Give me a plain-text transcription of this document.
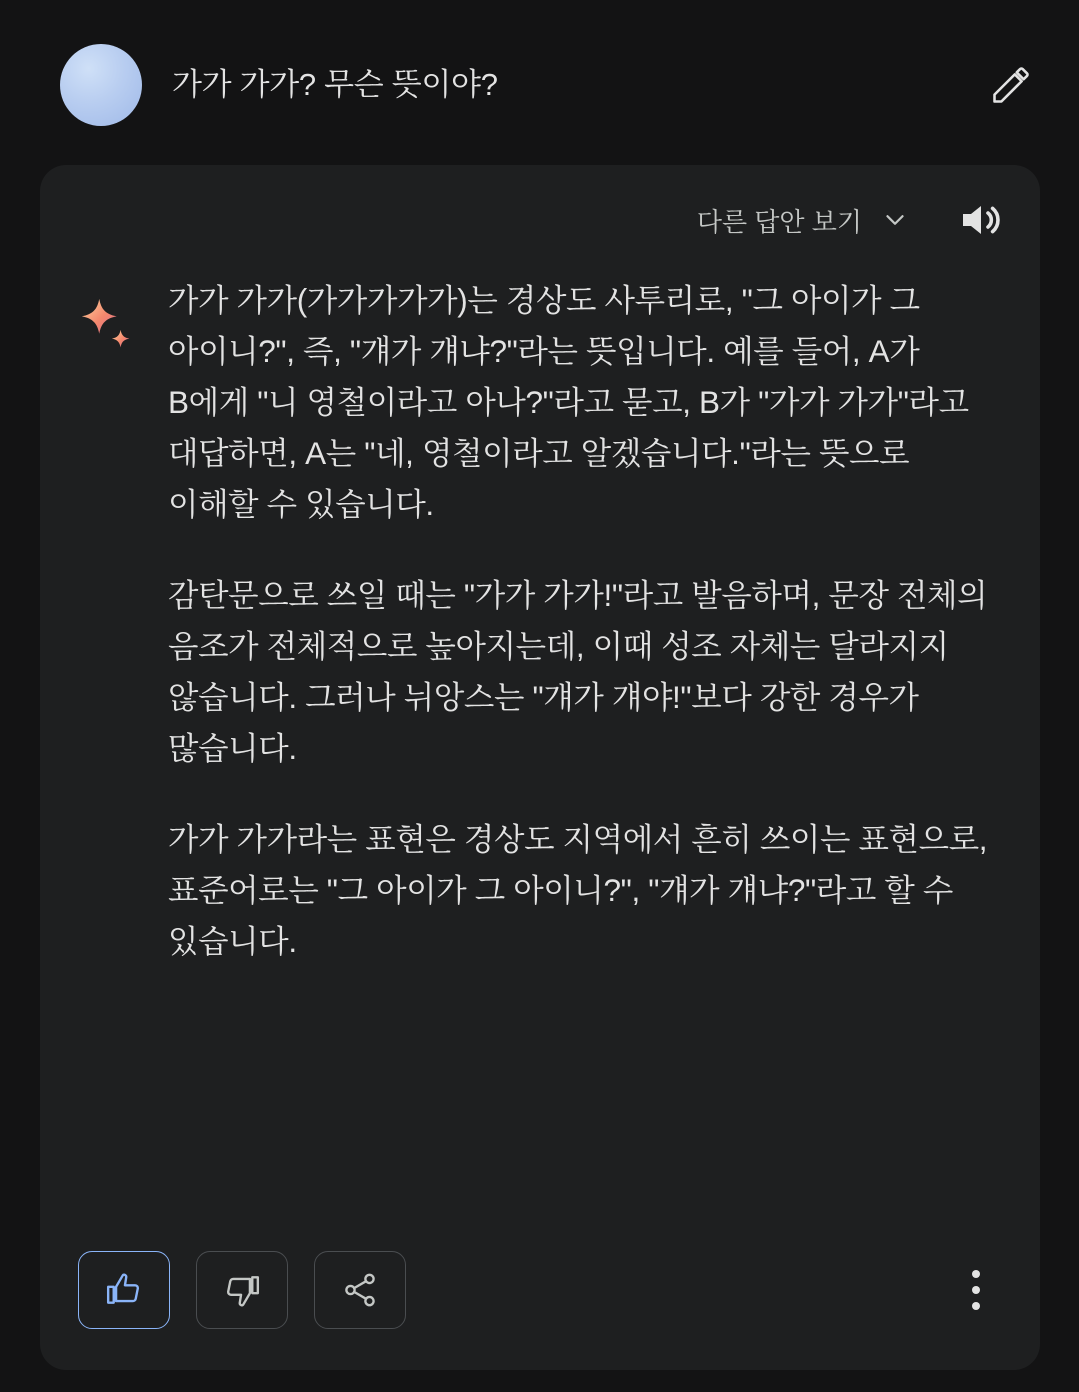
가가 가가? 무슨 뜻이야?
다른 답안 보기

가가 가가(가가가가가)는 경상도 사투리로, "그 아이가 그 아이니?", 즉, "걔가 걔냐?"라는 뜻입니다. 예를 들어, A가 B에게 "니 영철이라고 아나?"라고 묻고, B가 "가가 가가"라고 대답하면, A는 "네, 영철이라고 알겠습니다."라는 뜻으로 이해할 수 있습니다.

감탄문으로 쓰일 때는 "가가 가가!"라고 발음하며, 문장 전체의 음조가 전체적으로 높아지는데, 이때 성조 자체는 달라지지 않습니다. 그러나 뉘앙스는 "걔가 걔야!"보다 강한 경우가 많습니다.

가가 가가라는 표현은 경상도 지역에서 흔히 쓰이는 표현으로, 표준어로는 "그 아이가 그 아이니?", "걔가 걔냐?"라고 할 수 있습니다.
